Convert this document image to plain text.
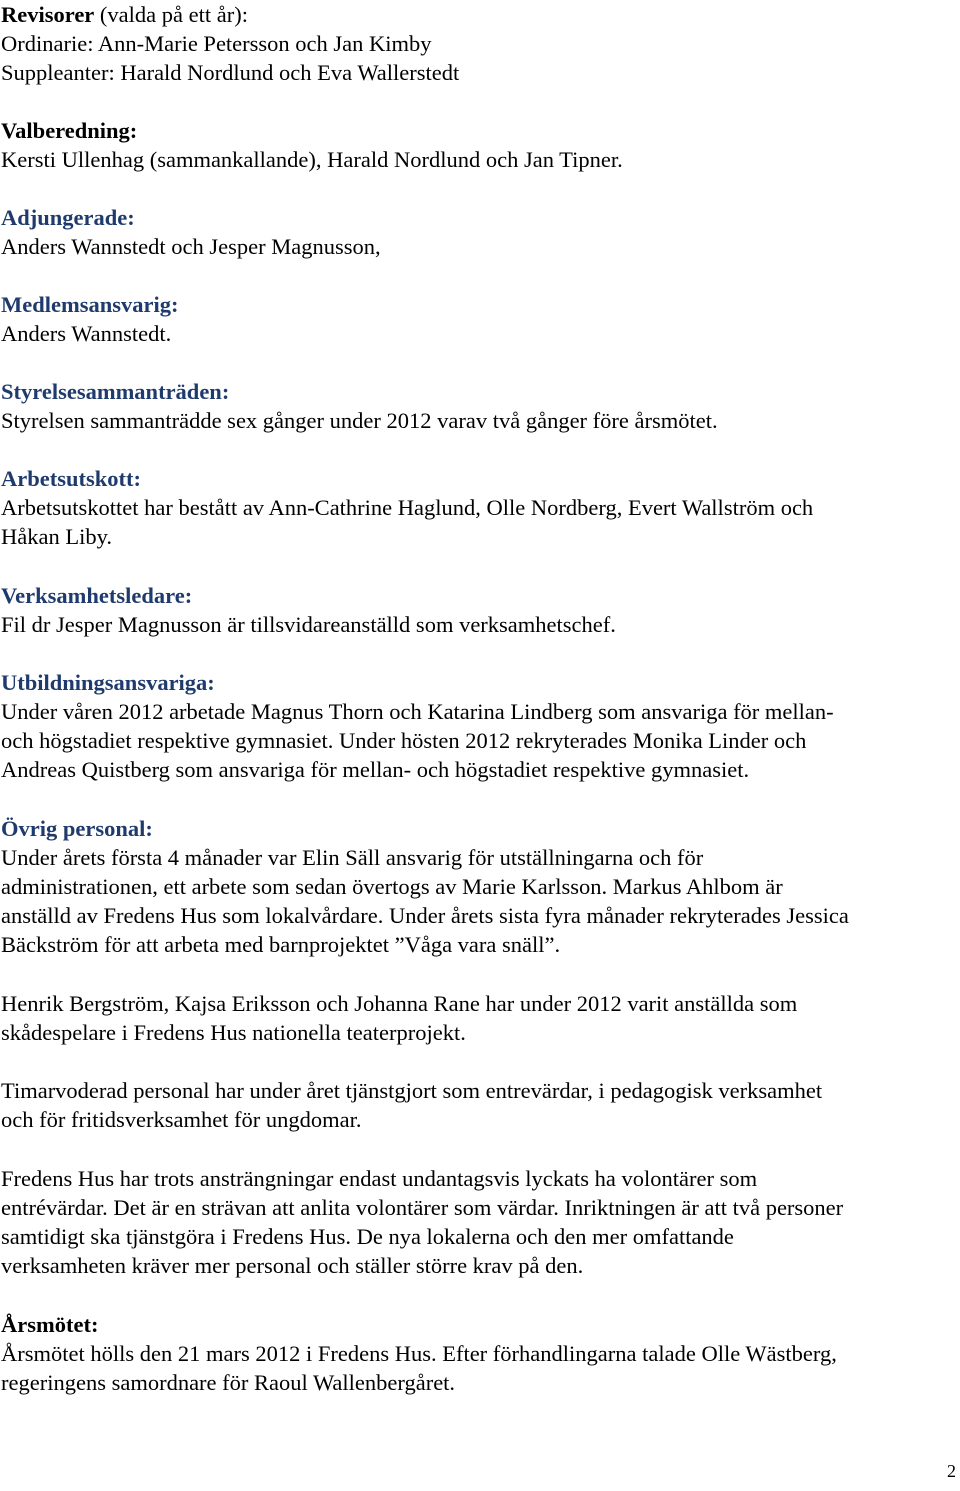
Revisorer (valda på ett år):
Ordinarie: Ann-Marie Petersson och Jan Kimby
Suppleanter: Harald Nordlund och Eva Wallerstedt
Valberedning:
Kersti Ullenhag (sammankallande), Harald Nordlund och Jan Tipner.
Adjungerade:
Anders Wannstedt och Jesper Magnusson,
Medlemsansvarig:
Anders Wannstedt.
Styrelsesammanträden:
Styrelsen sammanträdde sex gånger under 2012 varav två gånger före årsmötet.
Arbetsutskott:
Arbetsutskottet har bestått av Ann-Cathrine Haglund, Olle Nordberg, Evert Wallström och
Håkan Liby.
Verksamhetsledare:
Fil dr Jesper Magnusson är tillsvidareanställd som verksamhetschef.
Utbildningsansvariga:
Under våren 2012 arbetade Magnus Thorn och Katarina Lindberg som ansvariga för mellan-
och högstadiet respektive gymnasiet. Under hösten 2012 rekryterades Monika Linder och
Andreas Quistberg som ansvariga för mellan- och högstadiet respektive gymnasiet.
Övrig personal:
Under årets första 4 månader var Elin Säll ansvarig för utställningarna och för
administrationen, ett arbete som sedan övertogs av Marie Karlsson. Markus Ahlbom är
anställd av Fredens Hus som lokalvårdare. Under årets sista fyra månader rekryterades Jessica
Bäckström för att arbeta med barnprojektet ”Våga vara snäll”.
Henrik Bergström, Kajsa Eriksson och Johanna Rane har under 2012 varit anställda som
skådespelare i Fredens Hus nationella teaterprojekt.
Timarvoderad personal har under året tjänstgjort som entrevärdar, i pedagogisk verksamhet
och för fritidsverksamhet för ungdomar.
Fredens Hus har trots ansträngningar endast undantagsvis lyckats ha volontärer som
entrévärdar. Det är en strävan att anlita volontärer som värdar. Inriktningen är att två personer
samtidigt ska tjänstgöra i Fredens Hus. De nya lokalerna och den mer omfattande
verksamheten kräver mer personal och ställer större krav på den.
Årsmötet:
Årsmötet hölls den 21 mars 2012 i Fredens Hus. Efter förhandlingarna talade Olle Wästberg,
regeringens samordnare för Raoul Wallenbergåret.
2
